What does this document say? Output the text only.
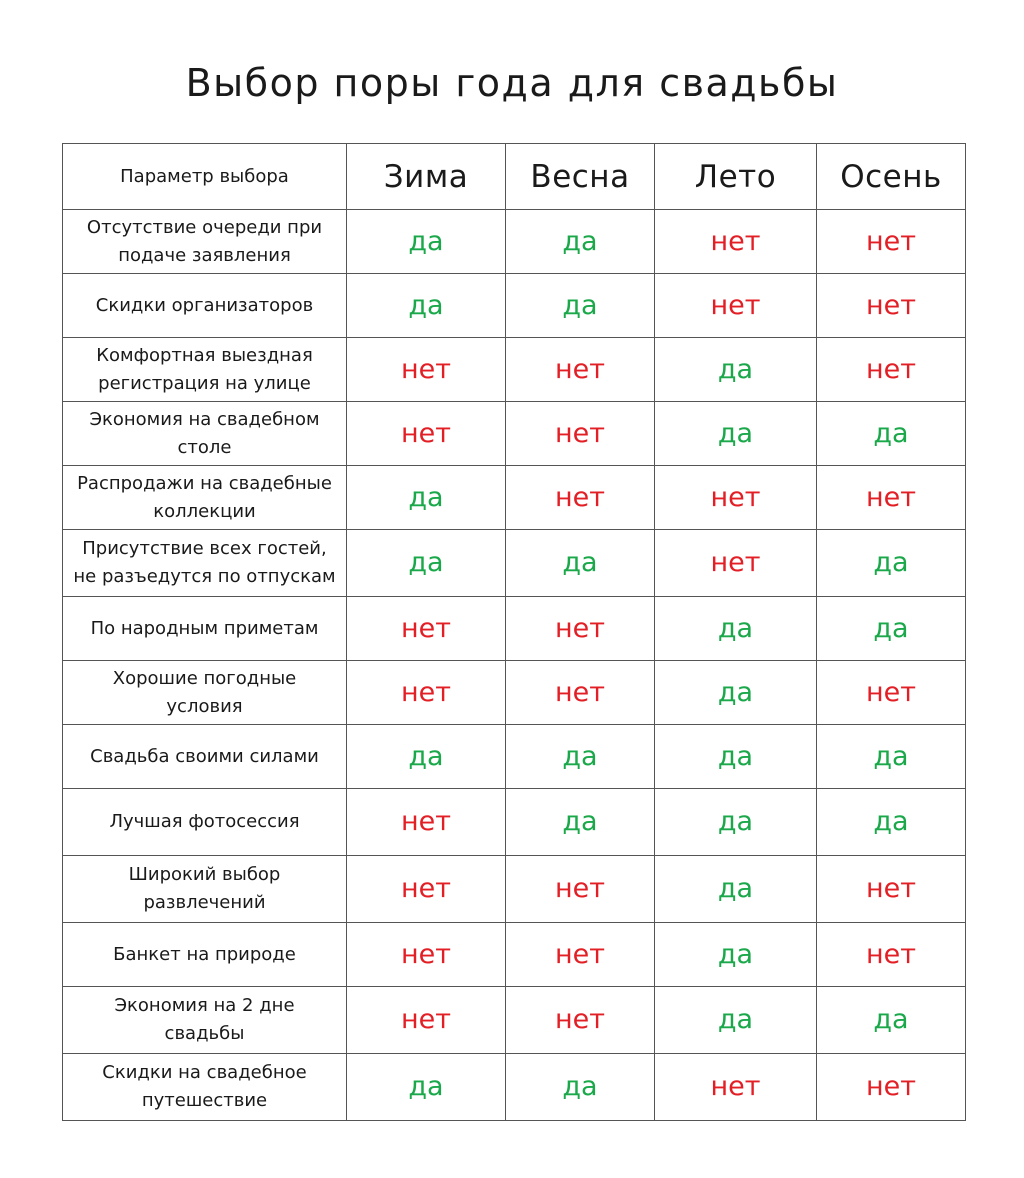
Выбор поры года для свадьбы
Параметр выбора	Зима	Весна	Лето	Осень
Отсутствие очереди при
подаче заявления	да	да	нет	нет
Скидки организаторов	да	да	нет	нет
Комфортная выездная
регистрация на улице	нет	нет	да	нет
Экономия на свадебном
столе	нет	нет	да	да
Распродажи на свадебные
коллекции	да	нет	нет	нет
Присутствие всех гостей,
не разъедутся по отпускам	да	да	нет	да
По народным приметам	нет	нет	да	да
Хорошие погодные
условия	нет	нет	да	нет
Свадьба своими силами	да	да	да	да
Лучшая фотосессия	нет	да	да	да
Широкий выбор
развлечений	нет	нет	да	нет
Банкет на природе	нет	нет	да	нет
Экономия на 2 дне
свадьбы	нет	нет	да	да
Скидки на свадебное
путешествие	да	да	нет	нет
